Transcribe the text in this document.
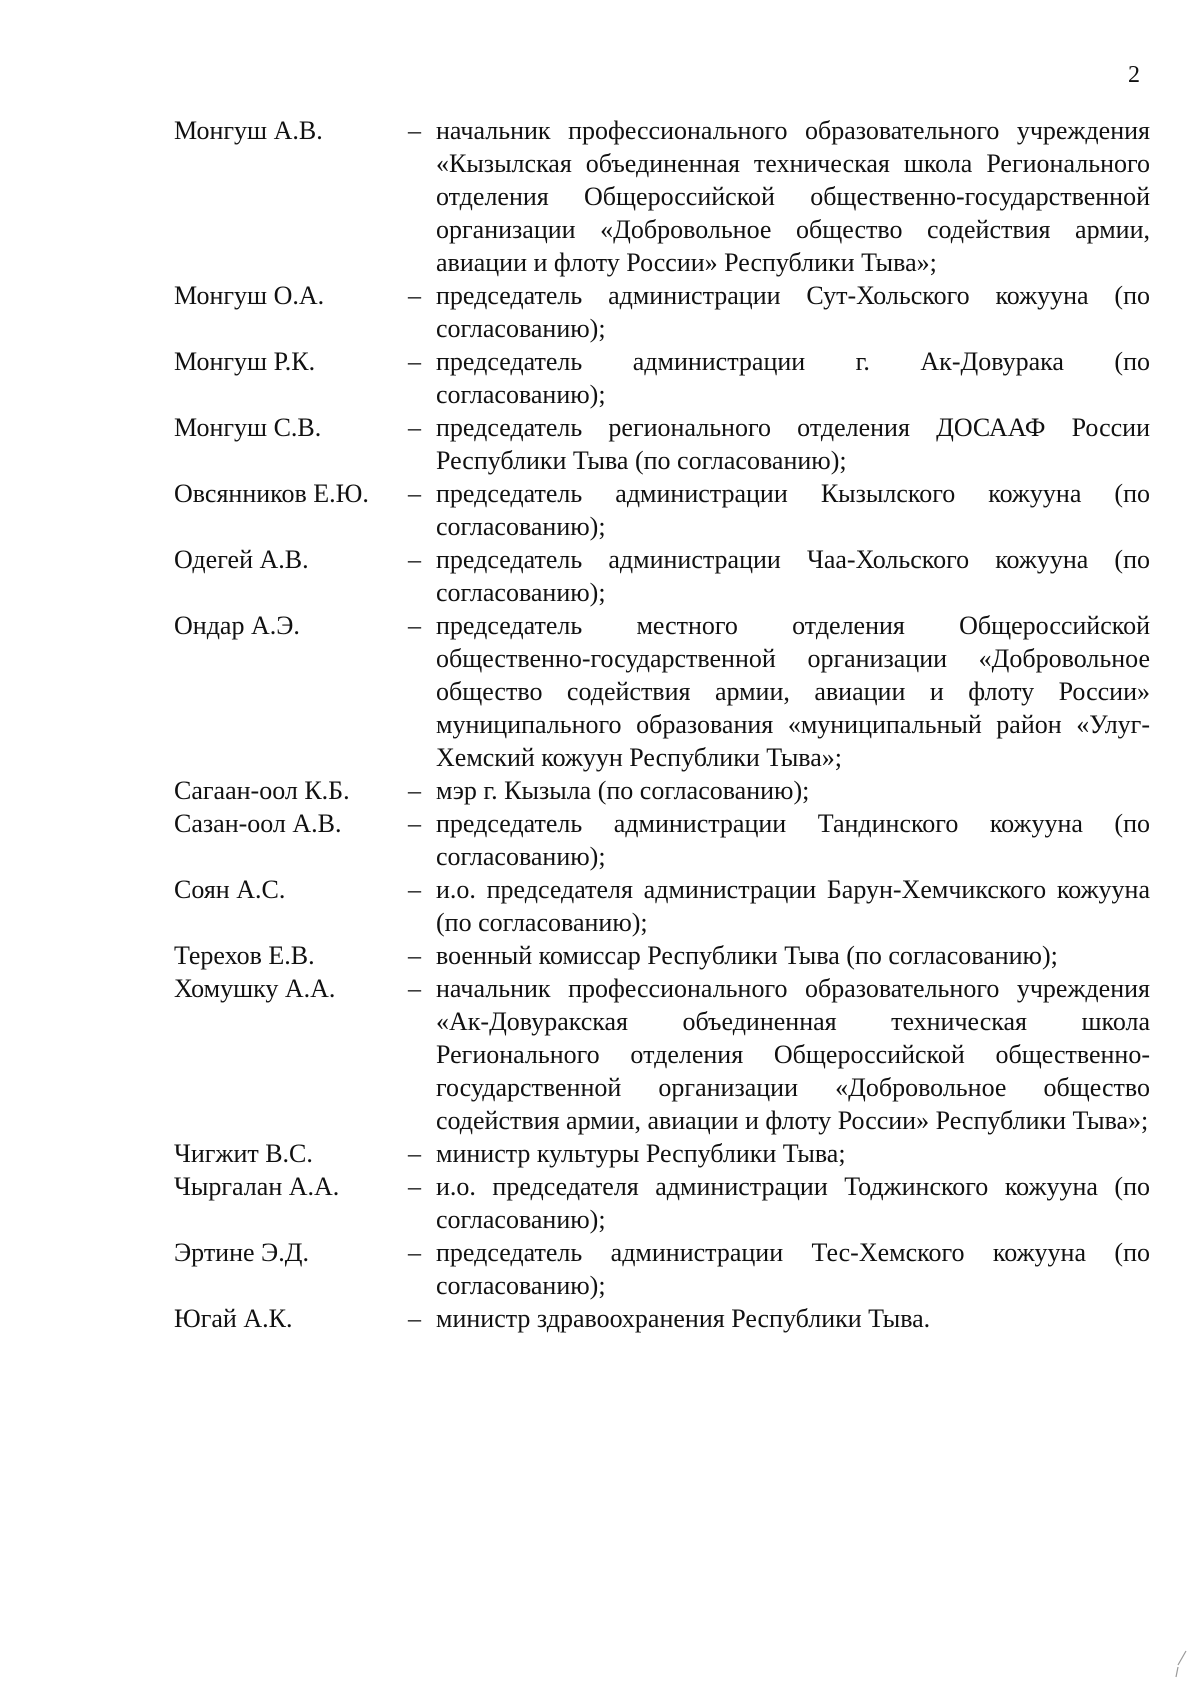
2
Монгуш А.В.	– начальник профессионального образовательного учреждения «Кызылская объединенная техническая школа Регионального отделения Общероссийской общественно-государственной организации «Добровольное общество содействия армии, авиации и флоту России» Республики Тыва»;
Монгуш О.А.	– председатель администрации Сут-Хольского кожууна (по согласованию);
Монгуш Р.К.	– председатель администрации г. Ак-Довурака (по согласованию);
Монгуш С.В.	– председатель регионального отделения ДОСААФ России Республики Тыва (по согласованию);
Овсянников Е.Ю.	– председатель администрации Кызылского кожууна (по согласованию);
Одегей А.В.	– председатель администрации Чаа-Хольского кожууна (по согласованию);
Ондар А.Э.	– председатель местного отделения Общероссийской общественно-государственной организации «Добровольное общество содействия армии, авиации и флоту России» муниципального образования «муниципальный район «Улуг-Хемский кожуун Республики Тыва»;
Сагаан-оол К.Б.	– мэр г. Кызыла (по согласованию);
Сазан-оол А.В.	– председатель администрации Тандинского кожууна (по согласованию);
Соян А.С.	– и.о. председателя администрации Барун-Хемчикского кожууна (по согласованию);
Терехов Е.В.	– военный комиссар Республики Тыва (по согласованию);
Хомушку А.А.	– начальник профессионального образовательного учреждения «Ак-Довуракская объединенная техническая школа Регионального отделения Общероссийской общественно-государственной организации «Добровольное общество содействия армии, авиации и флоту России» Республики Тыва»;
Чигжит В.С.	– министр культуры Республики Тыва;
Чыргалан А.А.	– и.о. председателя администрации Тоджинского кожууна (по согласованию);
Эртине Э.Д.	– председатель администрации Тес-Хемского кожууна (по согласованию);
Югай А.К.	– министр здравоохранения Республики Тыва.
